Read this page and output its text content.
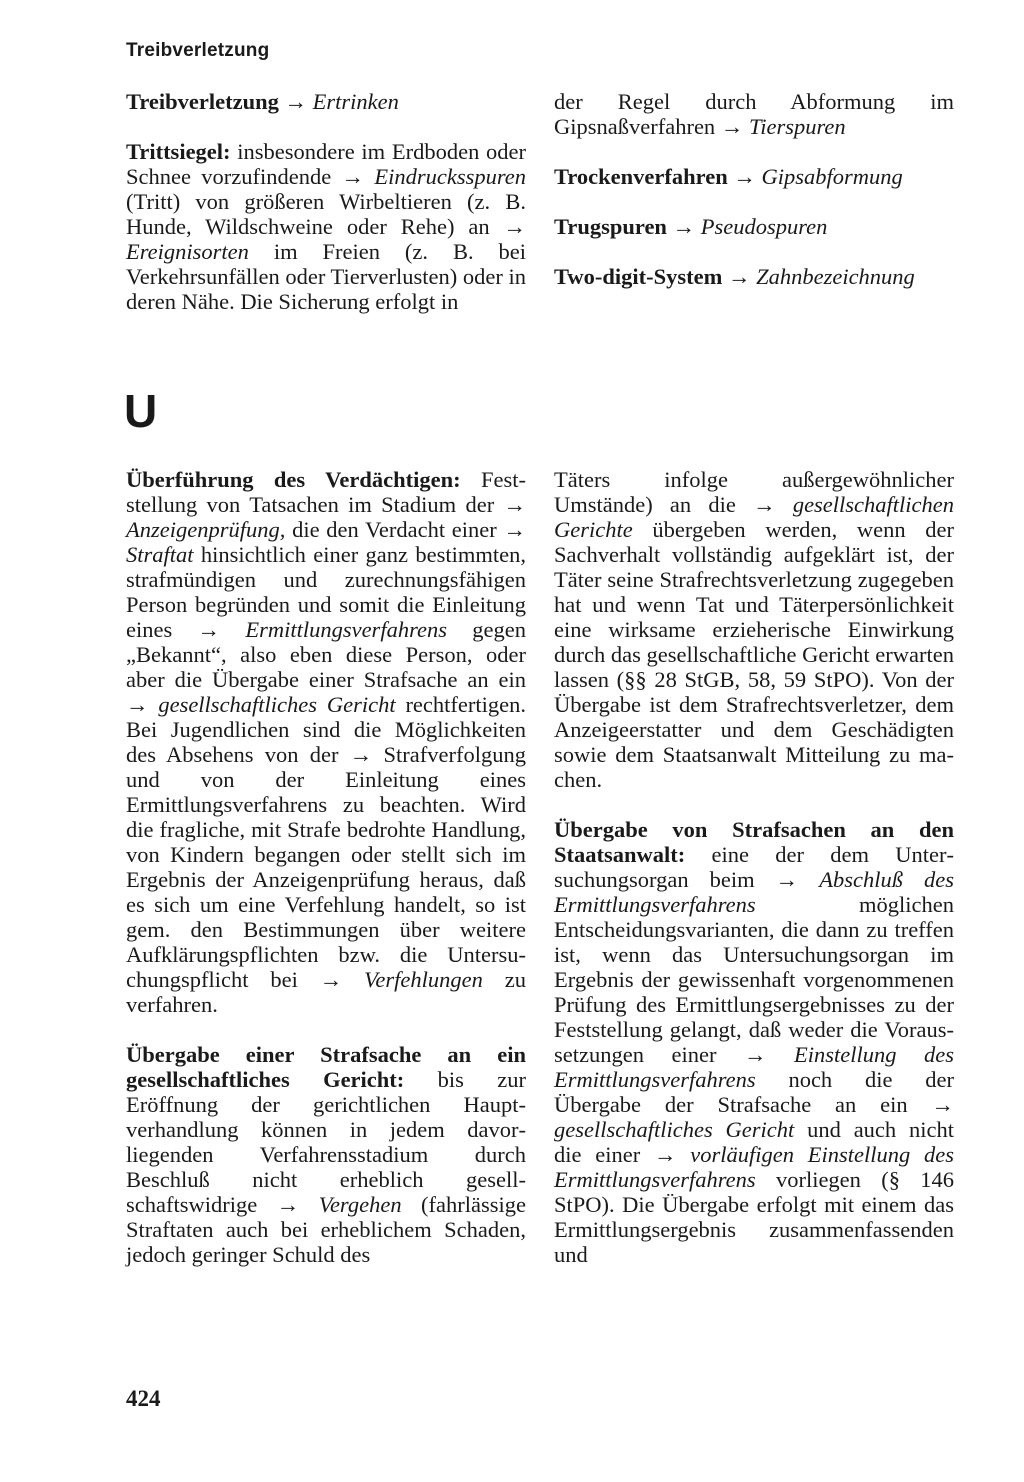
Treibverletzung

Treibverletzung → Ertrinken

Trittsiegel: insbesondere im Erdboden oder Schnee vorzufindende → Eindrucksspuren (Tritt) von größeren Wirbeltieren (z. B. Hunde, Wildschweine oder Rehe) an → Ereignisorten im Freien (z. B. bei Verkehrsunfällen oder Tierverlusten) oder in deren Nähe. Die Sicherung erfolgt in

der Regel durch Abformung im Gipsnaßverfahren → Tierspuren

Trockenverfahren → Gipsabformung

Trugspuren → Pseudospuren

Two-digit-System → Zahnbezeichnung

U

Überführung des Verdächtigen: Feststellung von Tatsachen im Stadium der → Anzeigenprüfung, die den Verdacht einer → Straftat hinsichtlich einer ganz bestimmten, strafmündigen und zurechnungsfähigen Person begründen und somit die Einleitung eines → Ermittlungsverfahrens gegen „Bekannt“, also eben diese Person, oder aber die Übergabe einer Strafsache an ein → gesellschaftliches Gericht rechtfertigen. Bei Jugendlichen sind die Möglichkeiten des Absehens von der → Strafverfolgung und von der Einleitung eines Ermittlungsverfahrens zu beachten. Wird die fragliche, mit Strafe bedrohte Handlung, von Kindern begangen oder stellt sich im Ergebnis der Anzeigenprüfung heraus, daß es sich um eine Verfehlung handelt, so ist gem. den Bestimmungen über weitere Aufklärungspflichten bzw. die Untersuchungspflicht bei → Verfehlungen zu verfahren.

Übergabe einer Strafsache an ein gesellschaftliches Gericht: bis zur Eröffnung der gerichtlichen Hauptverhandlung können in jedem davorliegenden Verfahrensstadium durch Beschluß nicht erheblich gesellschaftswidrige → Vergehen (fahrlässige Straftaten auch bei erheblichem Schaden, jedoch geringer Schuld des

Täters infolge außergewöhnlicher Umstände) an die → gesellschaftlichen Gerichte übergeben werden, wenn der Sachverhalt vollständig aufgeklärt ist, der Täter seine Strafrechtsverletzung zugegeben hat und wenn Tat und Täterpersönlichkeit eine wirksame erzieherische Einwirkung durch das gesellschaftliche Gericht erwarten lassen (§§ 28 StGB, 58, 59 StPO). Von der Übergabe ist dem Strafrechtsverletzer, dem Anzeigeerstatter und dem Geschädigten sowie dem Staatsanwalt Mitteilung zu machen.

Übergabe von Strafsachen an den Staatsanwalt: eine der dem Untersuchungsorgan beim → Abschluß des Ermittlungsverfahrens möglichen Entscheidungsvarianten, die dann zu treffen ist, wenn das Untersuchungsorgan im Ergebnis der gewissenhaft vorgenommenen Prüfung des Ermittlungsergebnisses zu der Feststellung gelangt, daß weder die Voraussetzungen einer → Einstellung des Ermittlungsverfahrens noch die der Übergabe der Strafsache an ein → gesellschaftliches Gericht und auch nicht die einer → vorläufigen Einstellung des Ermittlungsverfahrens vorliegen (§ 146 StPO). Die Übergabe erfolgt mit einem das Ermittlungsergebnis zusammenfassenden und

424
